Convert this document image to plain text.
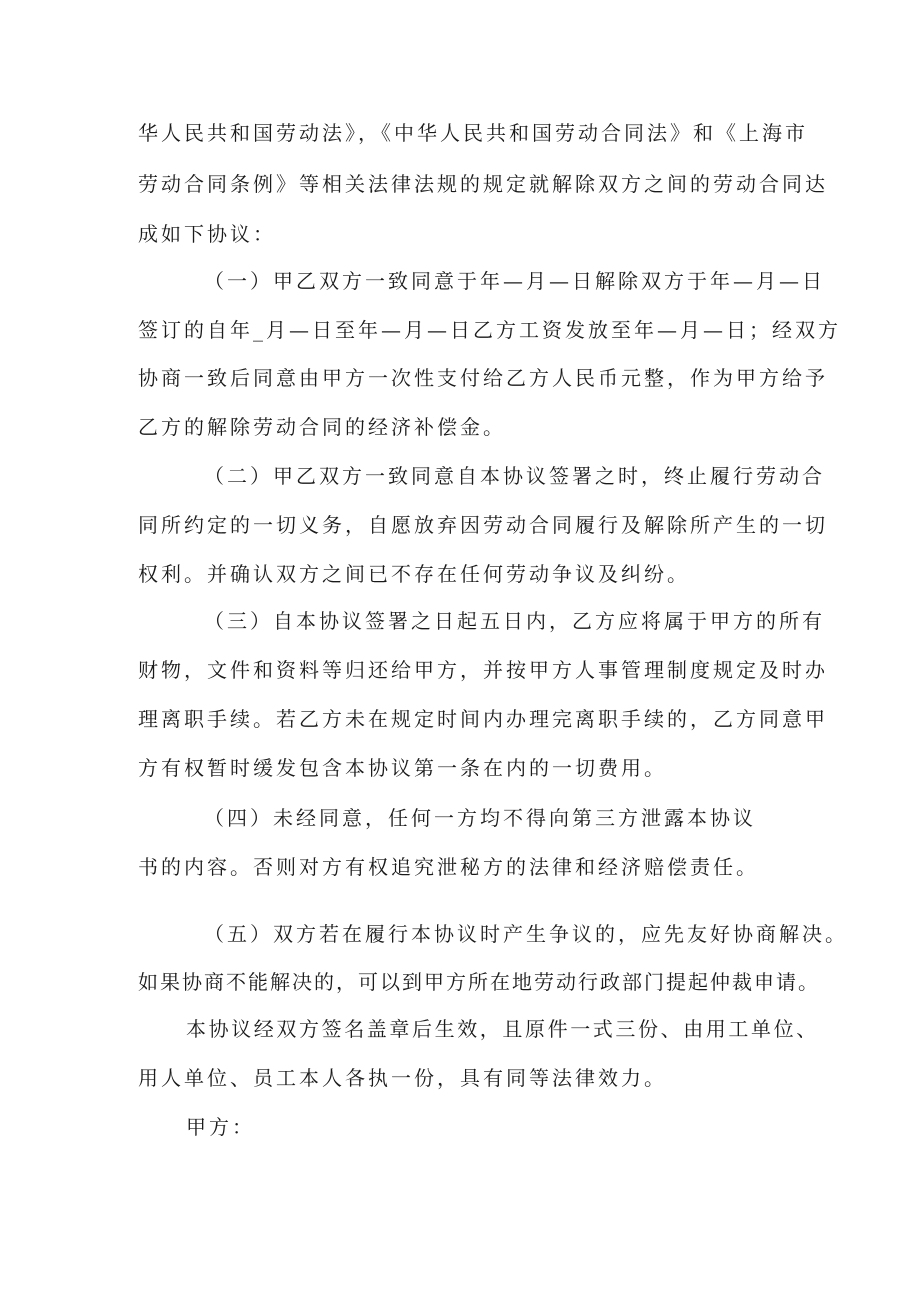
华人民共和国劳动法》，《中华人民共和国劳动合同法》和《上海市
劳动合同条例》等相关法律法规的规定就解除双方之间的劳动合同达
成如下协议：
（一）甲乙双方一致同意于年—月—日解除双方于年—月—日
签订的自年_月—日至年—月—日乙方工资发放至年—月—日；经双方
协商一致后同意由甲方一次性支付给乙方人民币元整，作为甲方给予
乙方的解除劳动合同的经济补偿金。
（二）甲乙双方一致同意自本协议签署之时，终止履行劳动合
同所约定的一切义务，自愿放弃因劳动合同履行及解除所产生的一切
权利。并确认双方之间已不存在任何劳动争议及纠纷。
（三）自本协议签署之日起五日内，乙方应将属于甲方的所有
财物，文件和资料等归还给甲方，并按甲方人事管理制度规定及时办
理离职手续。若乙方未在规定时间内办理完离职手续的，乙方同意甲
方有权暂时缓发包含本协议第一条在内的一切费用。
（四）未经同意，任何一方均不得向第三方泄露本协议
书的内容。否则对方有权追究泄秘方的法律和经济赔偿责任。
（五）双方若在履行本协议时产生争议的，应先友好协商解决。
如果协商不能解决的，可以到甲方所在地劳动行政部门提起仲裁申请。
本协议经双方签名盖章后生效，且原件一式三份、由用工单位、
用人单位、员工本人各执一份，具有同等法律效力。
甲方：
